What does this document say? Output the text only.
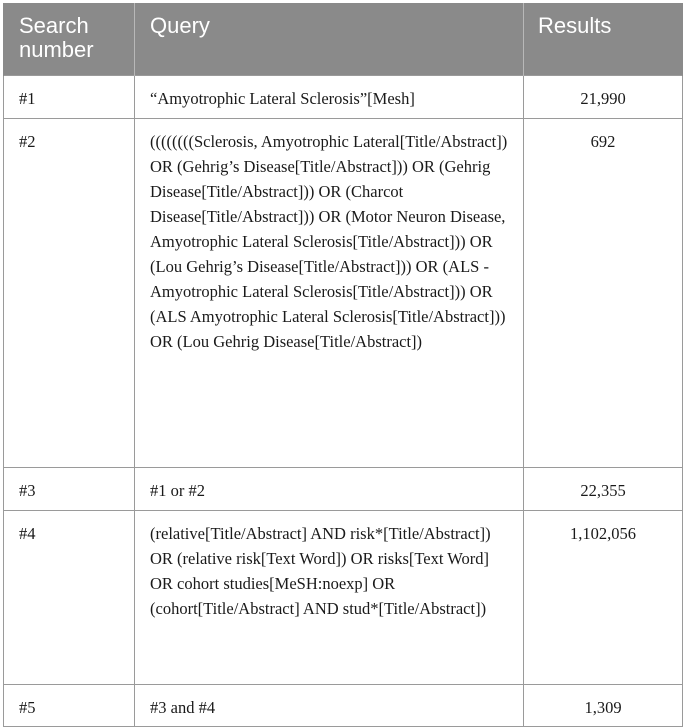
Search number	Query	Results
#1	“Amyotrophic Lateral Sclerosis”[Mesh]	21,990
#2	((((((((Sclerosis, Amyotrophic Lateral[Title/Abstract]) OR (Gehrig’s Disease[Title/Abstract])) OR (Gehrig Disease[Title/Abstract])) OR (Charcot Disease[Title/Abstract])) OR (Motor Neuron Disease, Amyotrophic Lateral Sclerosis[Title/Abstract])) OR (Lou Gehrig’s Disease[Title/Abstract])) OR (ALS - Amyotrophic Lateral Sclerosis[Title/Abstract])) OR (ALS Amyotrophic Lateral Sclerosis[Title/Abstract])) OR (Lou Gehrig Disease[Title/Abstract])	692
#3	#1 or #2	22,355
#4	(relative[Title/Abstract] AND risk*[Title/Abstract]) OR (relative risk[Text Word]) OR risks[Text Word] OR cohort studies[MeSH:noexp] OR (cohort[Title/Abstract] AND stud*[Title/Abstract])	1,102,056
#5	#3 and #4	1,309
